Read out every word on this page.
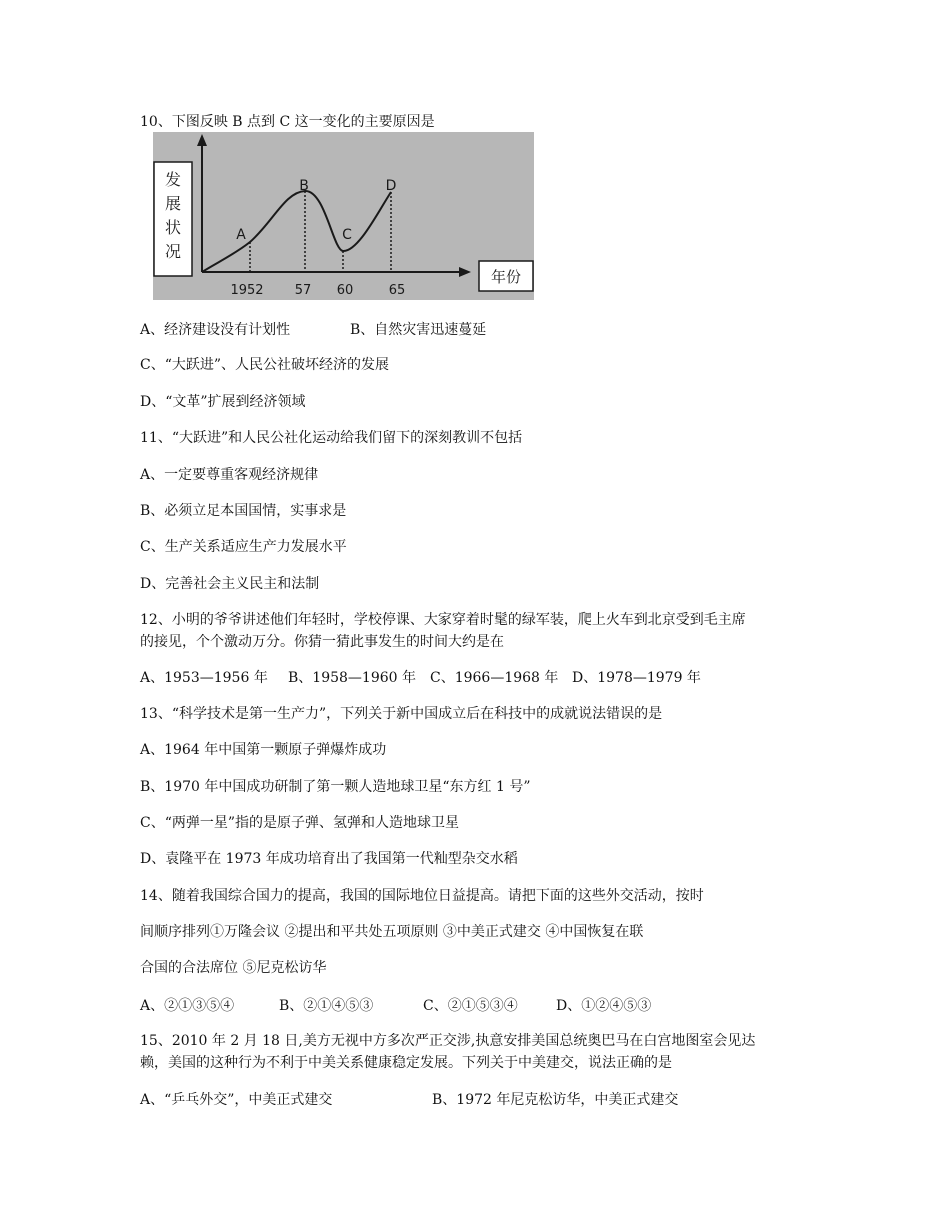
10、下图反映 B 点到 C 这一变化的主要原因是
发
展
状
况
年份
A
B
C
D
1952 57 60	65
A、经济建设没有计划性	B、自然灾害迅速蔓延
C、“大跃进”、人民公社破坏经济的发展
D、“文革”扩展到经济领域
11、“大跃进”和人民公社化运动给我们留下的深刻教训不包括
A、一定要尊重客观经济规律
B、必须立足本国国情，实事求是
C、生产关系适应生产力发展水平
D、完善社会主义民主和法制
12、小明的爷爷讲述他们年轻时，学校停课、大家穿着时髦的绿军装，爬上火车到北京受到毛主席
的接见，个个激动万分。你猜一猜此事发生的时间大约是在
A、1953—1956 年 B、1958—1960 年 C、1966—1968 年 D、1978—1979 年
13、“科学技术是第一生产力”，下列关于新中国成立后在科技中的成就说法错误的是
A、1964 年中国第一颗原子弹爆炸成功
B、1970 年中国成功研制了第一颗人造地球卫星“东方红 1 号”
C、“两弹一星”指的是原子弹、氢弹和人造地球卫星
D、袁隆平在 1973 年成功培育出了我国第一代籼型杂交水稻
14、随着我国综合国力的提高，我国的国际地位日益提高。请把下面的这些外交活动，按时
间顺序排列①万隆会议 ②提出和平共处五项原则 ③中美正式建交 ④中国恢复在联
合国的合法席位 ⑤尼克松访华
A、②①③⑤④	B、②①④⑤③	C、②①⑤③④	D、①②④⑤③
15、2010 年 2 月 18 日,美方无视中方多次严正交涉,执意安排美国总统奥巴马在白宫地图室会见达
赖，美国的这种行为不利于中美关系健康稳定发展。下列关于中美建交，说法正确的是
A、“乒乓外交”，中美正式建交	B、1972 年尼克松访华，中美正式建交
